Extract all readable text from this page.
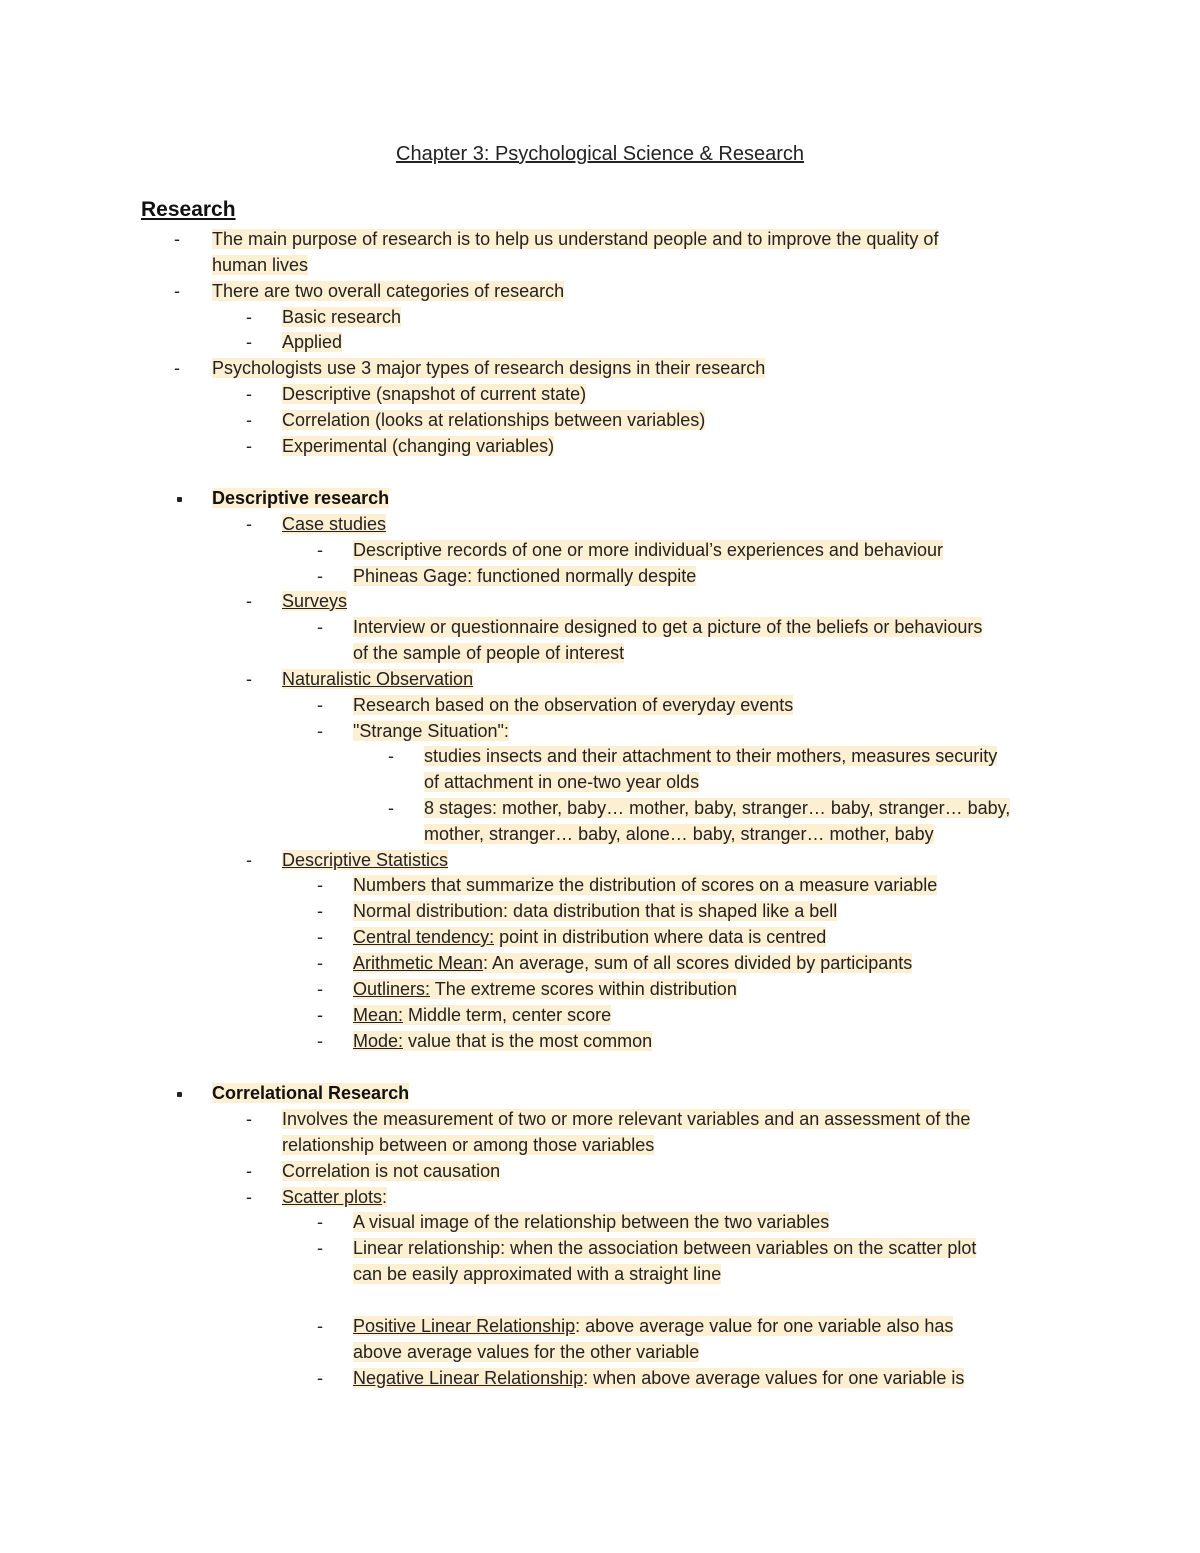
Chapter 3: Psychological Science & Research
Research
- The main purpose of research is to help us understand people and to improve the quality of
human lives
- There are two overall categories of research
- Basic research
- Applied
- Psychologists use 3 major types of research designs in their research
- Descriptive (snapshot of current state)
- Correlation (looks at relationships between variables)
- Experimental (changing variables)
Descriptive research
- Case studies
- Descriptive records of one or more individual’s experiences and behaviour
- Phineas Gage: functioned normally despite
- Surveys
- Interview or questionnaire designed to get a picture of the beliefs or behaviours
of the sample of people of interest
- Naturalistic Observation
- Research based on the observation of everyday events
- "Strange Situation":
- studies insects and their attachment to their mothers, measures security
of attachment in one-two year olds
- 8 stages: mother, baby… mother, baby, stranger… baby, stranger… baby,
mother, stranger… baby, alone… baby, stranger… mother, baby
- Descriptive Statistics
- Numbers that summarize the distribution of scores on a measure variable
- Normal distribution: data distribution that is shaped like a bell
- Central tendency: point in distribution where data is centred
- Arithmetic Mean: An average, sum of all scores divided by participants
- Outliners: The extreme scores within distribution
- Mean: Middle term, center score
- Mode: value that is the most common
Correlational Research
- Involves the measurement of two or more relevant variables and an assessment of the
relationship between or among those variables
- Correlation is not causation
- Scatter plots:
- A visual image of the relationship between the two variables
- Linear relationship: when the association between variables on the scatter plot
can be easily approximated with a straight line
- Positive Linear Relationship: above average value for one variable also has
above average values for the other variable
- Negative Linear Relationship: when above average values for one variable is
